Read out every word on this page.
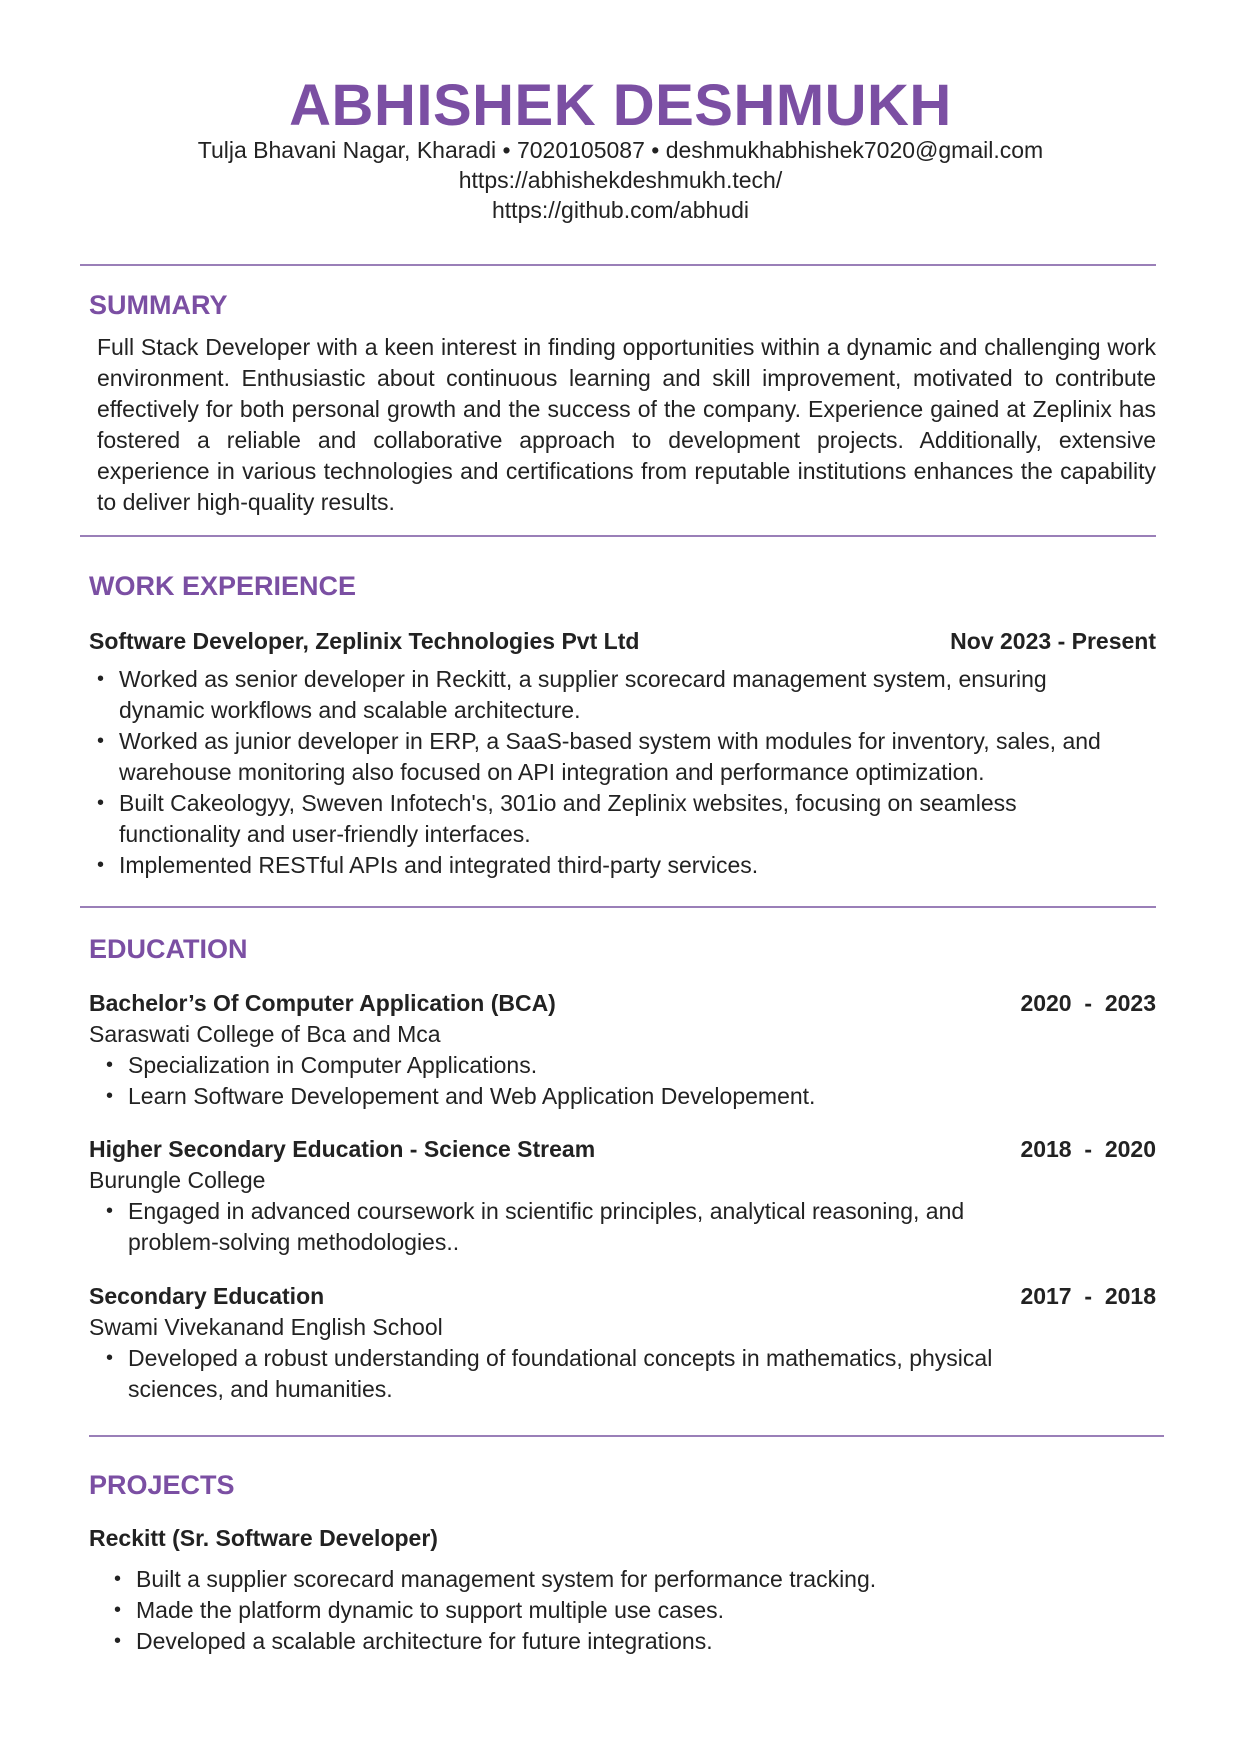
ABHISHEK DESHMUKH
Tulja Bhavani Nagar, Kharadi • 7020105087 • deshmukhabhishek7020@gmail.com
https://abhishekdeshmukh.tech/
https://github.com/abhudi
SUMMARY
Full Stack Developer with a keen interest in finding opportunities within a dynamic and challenging work environment. Enthusiastic about continuous learning and skill improvement, motivated to contribute effectively for both personal growth and the success of the company. Experience gained at Zeplinix has fostered a reliable and collaborative approach to development projects. Additionally, extensive experience in various technologies and certifications from reputable institutions enhances the capability to deliver high-quality results.
WORK EXPERIENCE
Software Developer, Zeplinix Technologies Pvt Ltd	Nov 2023 - Present
• Worked as senior developer in Reckitt, a supplier scorecard management system, ensuring dynamic workflows and scalable architecture.
• Worked as junior developer in ERP, a SaaS-based system with modules for inventory, sales, and warehouse monitoring also focused on API integration and performance optimization.
• Built Cakeologyy, Sweven Infotech's, 301io and Zeplinix websites, focusing on seamless functionality and user-friendly interfaces.
• Implemented RESTful APIs and integrated third-party services.
EDUCATION
Bachelor’s Of Computer Application (BCA)	2020  -  2023
Saraswati College of Bca and Mca
• Specialization in Computer Applications.
• Learn Software Developement and Web Application Developement.
Higher Secondary Education - Science Stream	2018  -  2020
Burungle College
• Engaged in advanced coursework in scientific principles, analytical reasoning, and problem-solving methodologies..
Secondary Education	2017  -  2018
Swami Vivekanand English School
• Developed a robust understanding of foundational concepts in mathematics, physical sciences, and humanities.
PROJECTS
Reckitt (Sr. Software Developer)
• Built a supplier scorecard management system for performance tracking.
• Made the platform dynamic to support multiple use cases.
• Developed a scalable architecture for future integrations.
